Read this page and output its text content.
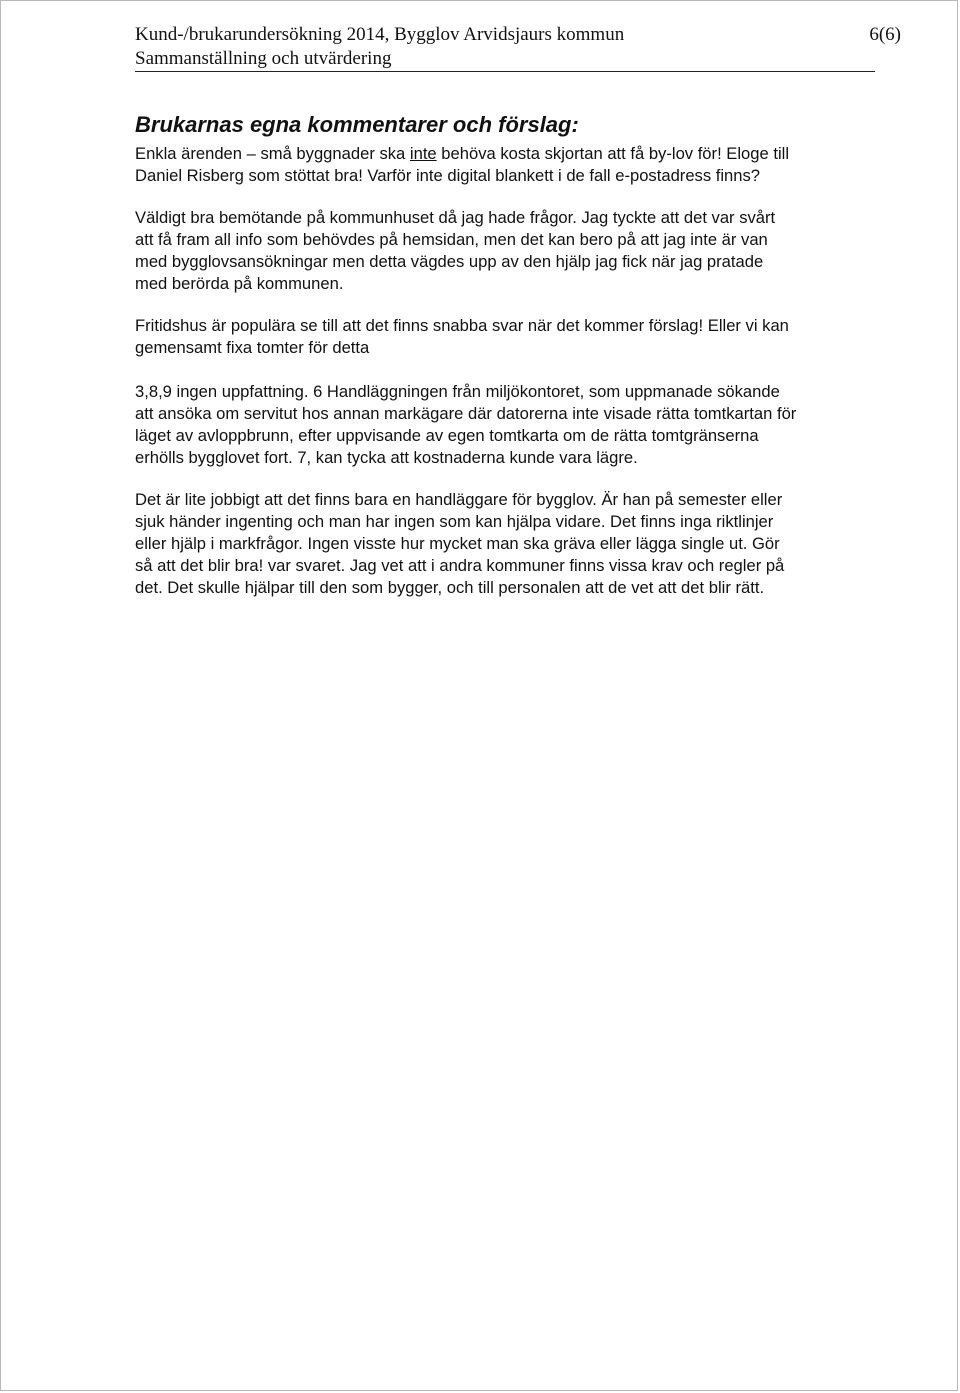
Kund-/brukarundersökning 2014, Bygglov Arvidsjaurs kommun	6(6)
Sammanställning och utvärdering
Brukarnas egna kommentarer och förslag:
Enkla ärenden – små byggnader ska inte behöva kosta skjortan att få by-lov för! Eloge till
Daniel Risberg som stöttat bra! Varför inte digital blankett i de fall e-postadress finns?
Väldigt bra bemötande på kommunhuset då jag hade frågor. Jag tyckte att det var svårt
att få fram all info som behövdes på hemsidan, men det kan bero på att jag inte är van
med bygglovsansökningar men detta vägdes upp av den hjälp jag fick när jag pratade
med berörda på kommunen.
Fritidshus är populära se till att det finns snabba svar när det kommer förslag! Eller vi kan
gemensamt fixa tomter för detta
3,8,9 ingen uppfattning. 6 Handläggningen från miljökontoret, som uppmanade sökande
att ansöka om servitut hos annan markägare där datorerna inte visade rätta tomtkartan för
läget av avloppbrunn, efter uppvisande av egen tomtkarta om de rätta tomtgränserna
erhölls bygglovet fort. 7, kan tycka att kostnaderna kunde vara lägre.
Det är lite jobbigt att det finns bara en handläggare för bygglov. Är han på semester eller
sjuk händer ingenting och man har ingen som kan hjälpa vidare. Det finns inga riktlinjer
eller hjälp i markfrågor. Ingen visste hur mycket man ska gräva eller lägga single ut. Gör
så att det blir bra! var svaret. Jag vet att i andra kommuner finns vissa krav och regler på
det. Det skulle hjälpar till den som bygger, och till personalen att de vet att det blir rätt.
